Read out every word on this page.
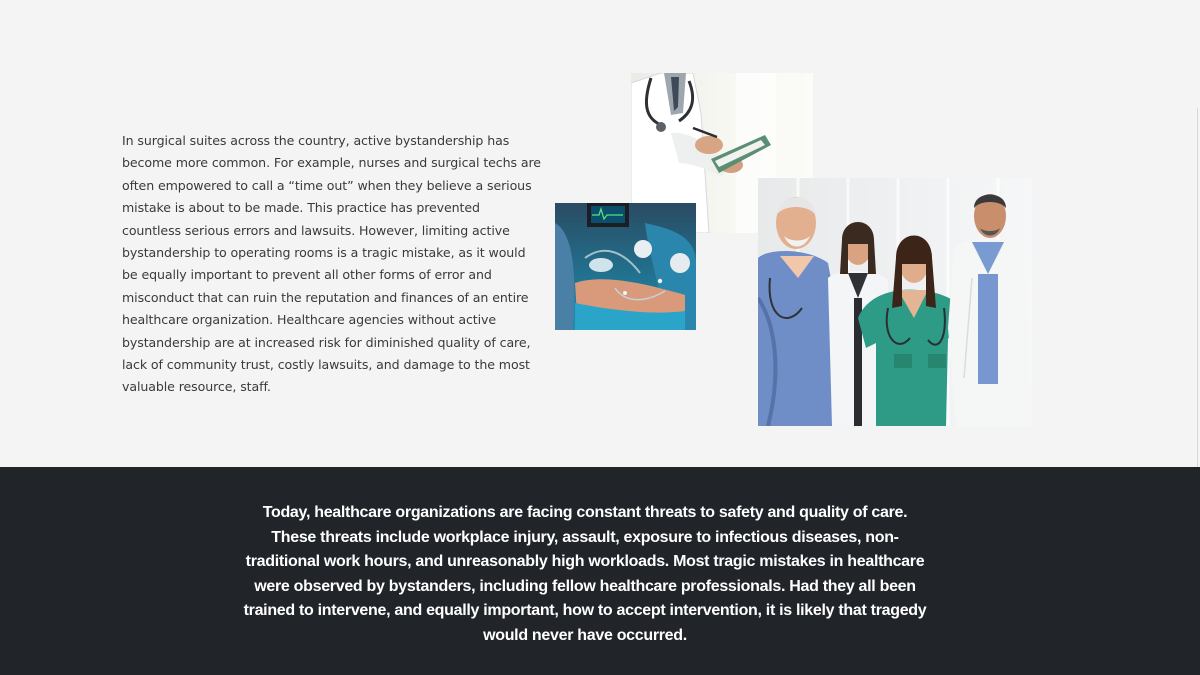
In surgical suites across the country, active bystandership has become more common. For example, nurses and surgical techs are often empowered to call a “time out” when they believe a serious mistake is about to be made. This practice has prevented countless serious errors and lawsuits. However, limiting active bystandership to operating rooms is a tragic mistake, as it would be equally important to prevent all other forms of error and misconduct that can ruin the reputation and finances of an entire healthcare organization. Healthcare agencies without active bystandership are at increased risk for diminished quality of care, lack of community trust, costly lawsuits, and damage to the most valuable resource, staff.

Today, healthcare organizations are facing constant threats to safety and quality of care. These threats include workplace injury, assault, exposure to infectious diseases, non-traditional work hours, and unreasonably high workloads. Most tragic mistakes in healthcare were observed by bystanders, including fellow healthcare professionals. Had they all been trained to intervene, and equally important, how to accept intervention, it is likely that tragedy would never have occurred.
